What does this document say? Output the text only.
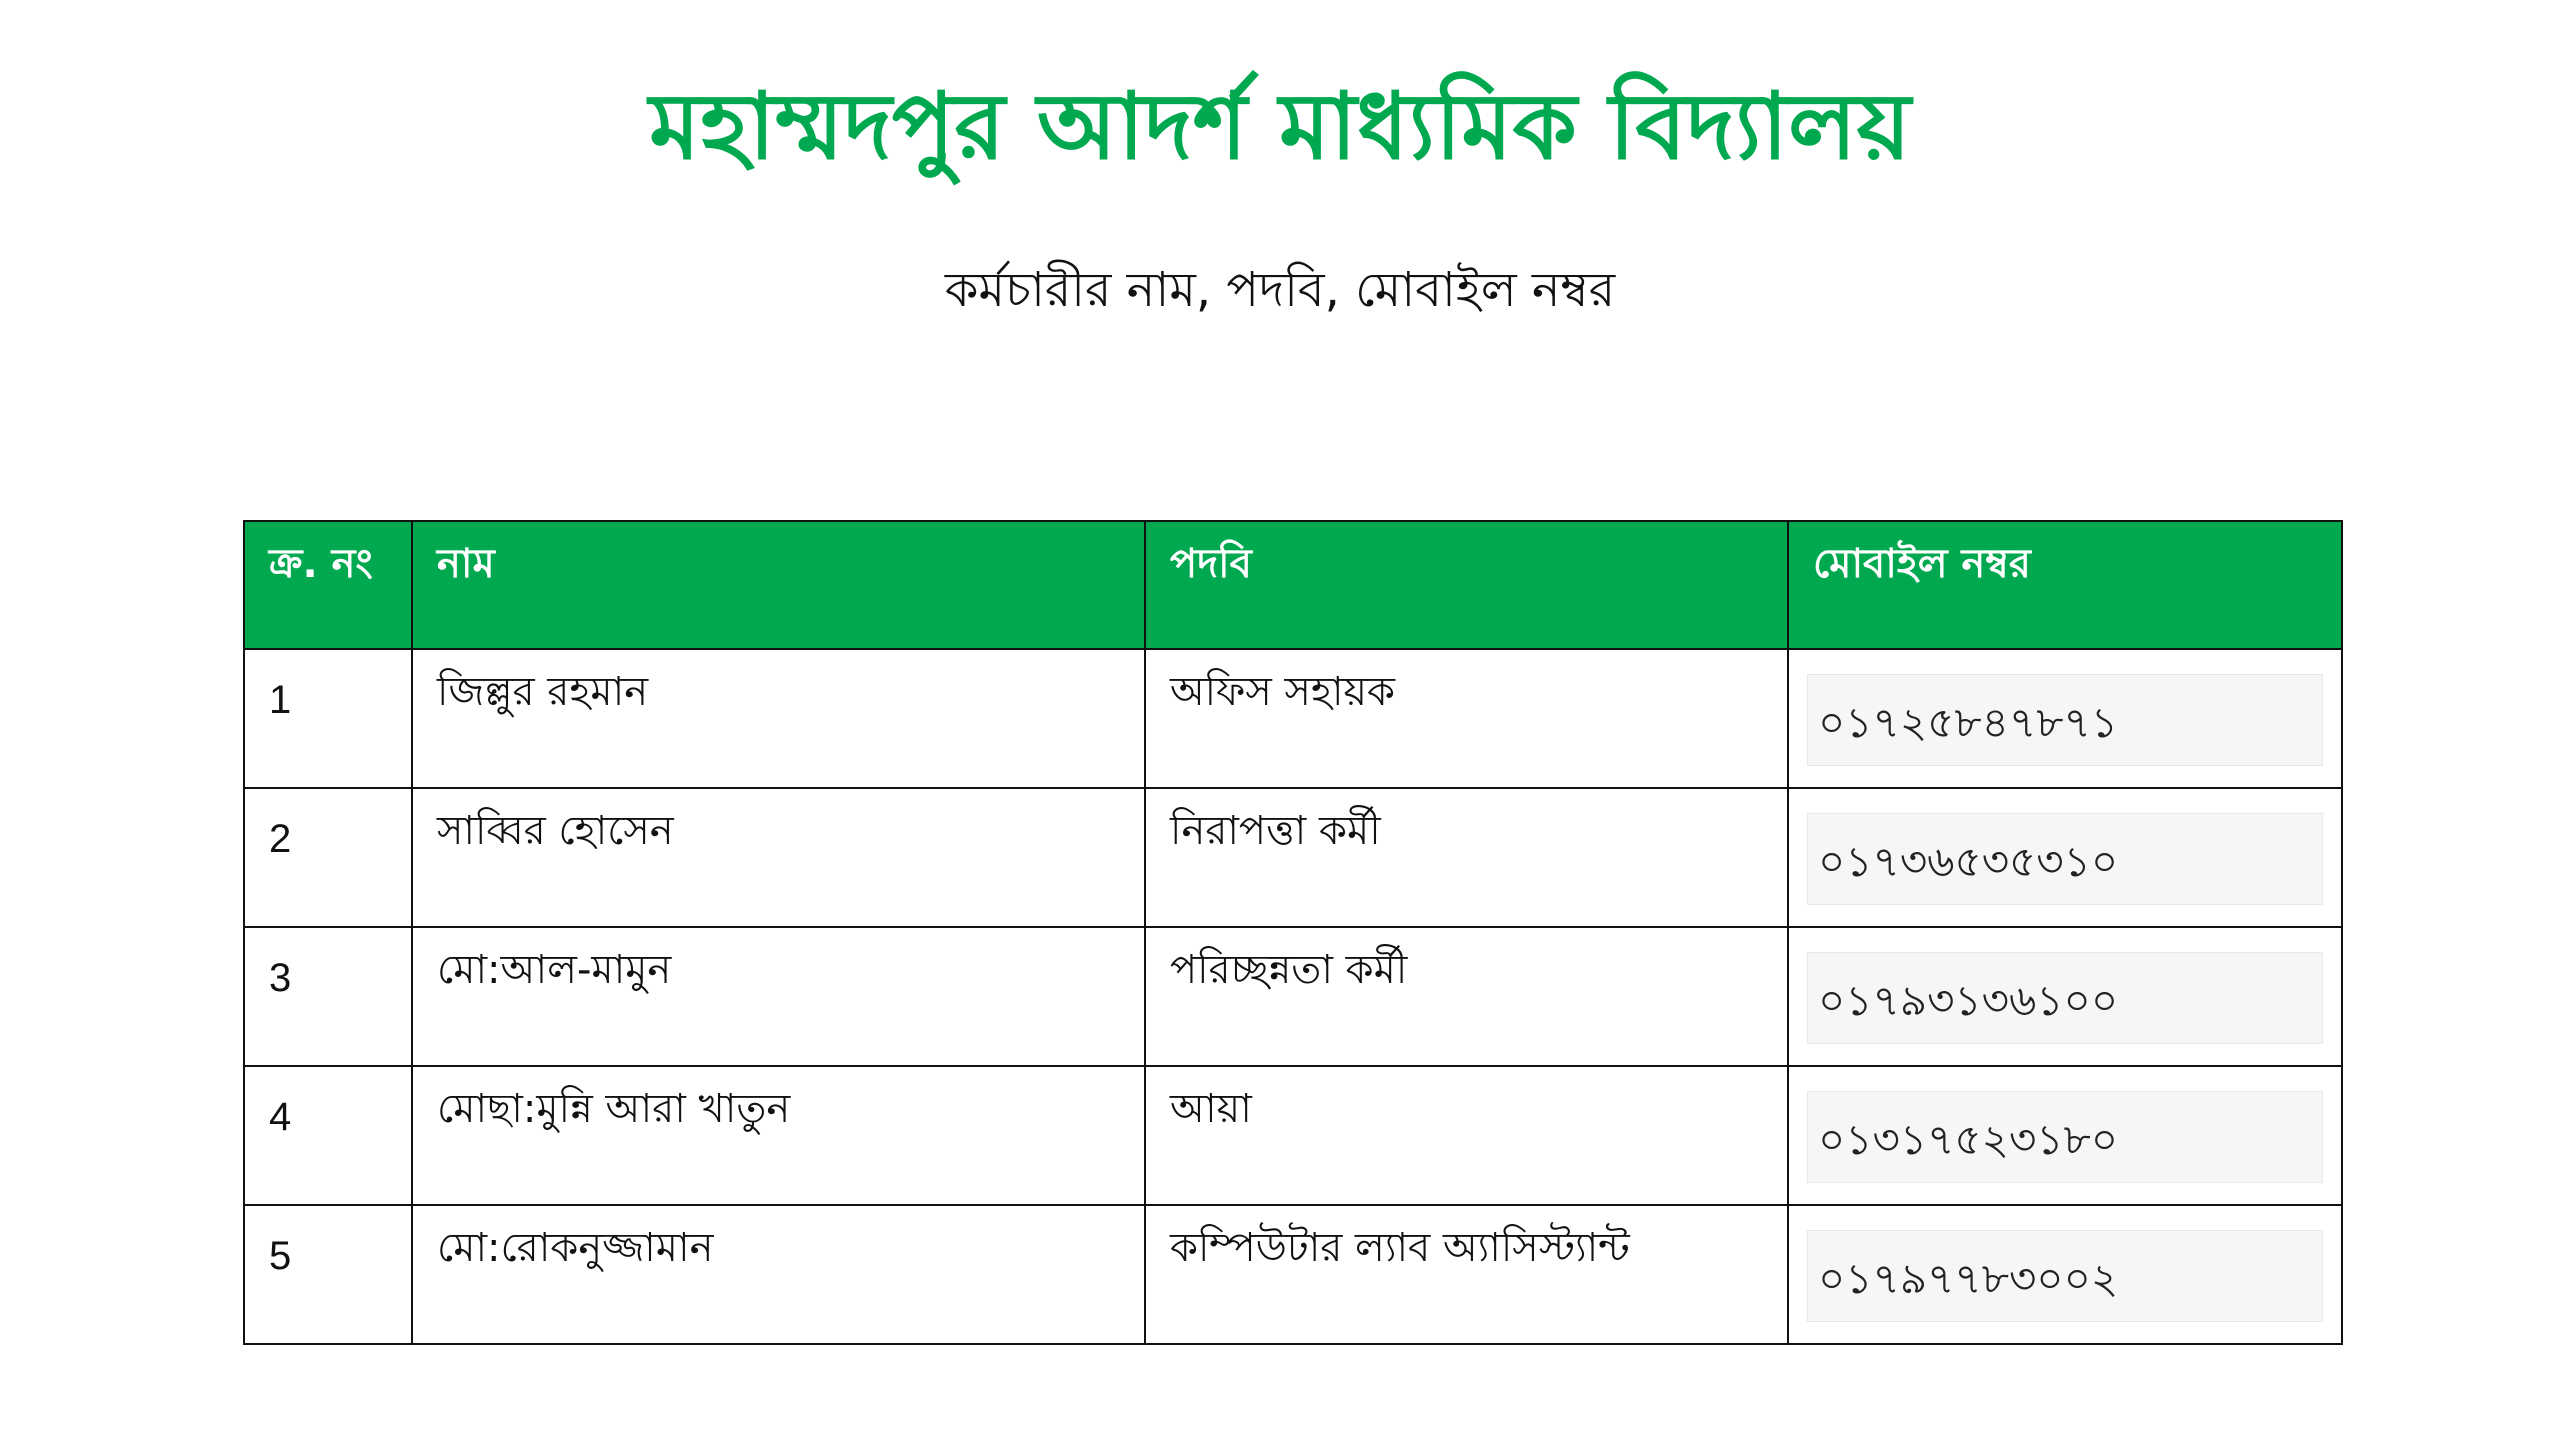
মহাম্মদপুর আদর্শ মাধ্যমিক বিদ্যালয়
কর্মচারীর নাম, পদবি, মোবাইল নম্বর
ক্র. নং	নাম	পদবি	মোবাইল নম্বর
1	জিল্লুর রহমান	অফিস সহায়ক	০১৭২৫৮৪৭৮৭১

2	সাব্বির হোসেন	নিরাপত্তা কর্মী	০১৭৩৬৫৩৫৩১০

3	মো:আল-মামুন	পরিচ্ছন্নতা কর্মী	০১৭৯৩১৩৬১০০

4	মোছা:মুন্নি আরা খাতুন	আয়া	০১৩১৭৫২৩১৮০

5	মো:রোকনুজ্জামান	কম্পিউটার ল্যাব অ্যাসিস্ট্যান্ট	০১৭৯৭৭৮৩০০২
